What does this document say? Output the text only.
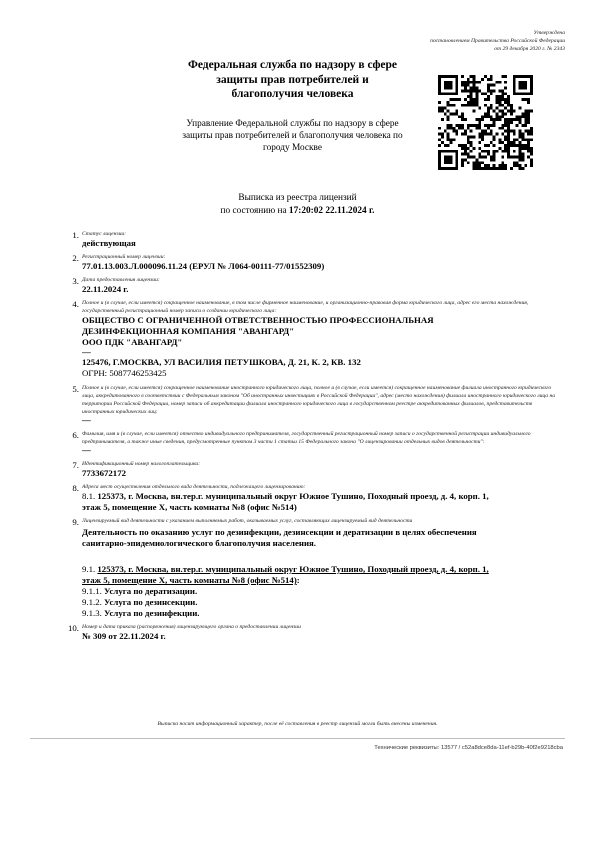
Утверждена
постановлением Правительства Российской Федерации
от 29 декабря 2020 г. № 2343
Федеральная служба по надзору в сфере защиты прав потребителей и благополучия человека
Управление Федеральной службы по надзору в сфере защиты прав потребителей и благополучия человека по городу Москве
Выписка из реестра лицензий
по состоянию на 17:20:02 22.11.2024 г.
1. Статус лицензии:
действующая
2. Регистрационный номер лицензии:
77.01.13.003.Л.000096.11.24 (ЕРУЛ № Л064-00111-77/01552309)
3. Дата предоставления лицензии:
22.11.2024 г.
4. Полное и (в случае, если имеется) сокращенное наименование, в том числе фирменное наименование, и организационно-правовая форма юридического лица, адрес его места нахождения, государственный регистрационный номер записи о создании юридического лица:
ОБЩЕСТВО С ОГРАНИЧЕННОЙ ОТВЕТСТВЕННОСТЬЮ ПРОФЕССИОНАЛЬНАЯ
ДЕЗИНФЕКЦИОННАЯ КОМПАНИЯ "АВАНГАРД"
ООО ПДК "АВАНГАРД"
—
125476, Г.МОСКВА, УЛ ВАСИЛИЯ ПЕТУШКОВА, Д. 21, К. 2, КВ. 132
ОГРН: 5087746253425
5. Полное и (в случае, если имеется) сокращенное наименование иностранного юридического лица, полное и (в случае, если имеется) сокращенное наименование филиала иностранного юридического лица, аккредитованного в соответствии с Федеральным законом "Об иностранных инвестициях в Российской Федерации", адрес (место нахождения) филиала иностранного юридического лица на территории Российской Федерации, номер записи об аккредитации филиала иностранного юридического лица в государственном реестре аккредитованных филиалов, представительств иностранных юридических лиц:
—
6. Фамилия, имя и (в случае, если имеется) отчество индивидуального предпринимателя, государственный регистрационный номер записи о государственной регистрации индивидуального предпринимателя, а также иные сведения, предусмотренные пунктом 3 части 1 статьи 15 Федерального закона "О лицензировании отдельных видов деятельности":
—
7. Идентификационный номер налогоплательщика:
7733672172
8. Адреса мест осуществления отдельного вида деятельности, подлежащего лицензированию:
8.1. 125373, г. Москва, вн.тер.г. муниципальный округ Южное Тушино, Походный проезд, д. 4, корп. 1,
этаж 5, помещение X, часть комнаты №8 (офис №514)
9. Лицензируемый вид деятельности с указанием выполняемых работ, оказываемых услуг, составляющих лицензируемый вид деятельности
Деятельность по оказанию услуг по дезинфекции, дезинсекции и дератизации в целях обеспечения
санитарно-эпидемиологического благополучия населения.
9.1. 125373, г. Москва, вн.тер.г. муниципальный округ Южное Тушино, Походный проезд, д. 4, корп. 1,
этаж 5, помещение X, часть комнаты №8 (офис №514):
9.1.1. Услуга по дератизации.
9.1.2. Услуга по дезинсекции.
9.1.3. Услуга по дезинфекции.
10. Номер и дата приказа (распоряжения) лицензирующего органа о предоставлении лицензии
№ 309 от 22.11.2024 г.
Выписка носит информационный характер, после её составления в реестр лицензий могли быть внесены изменения.
Технические реквизиты: 13577 / c52a8dce8da-11ef-b29b-40f2e9218cba
